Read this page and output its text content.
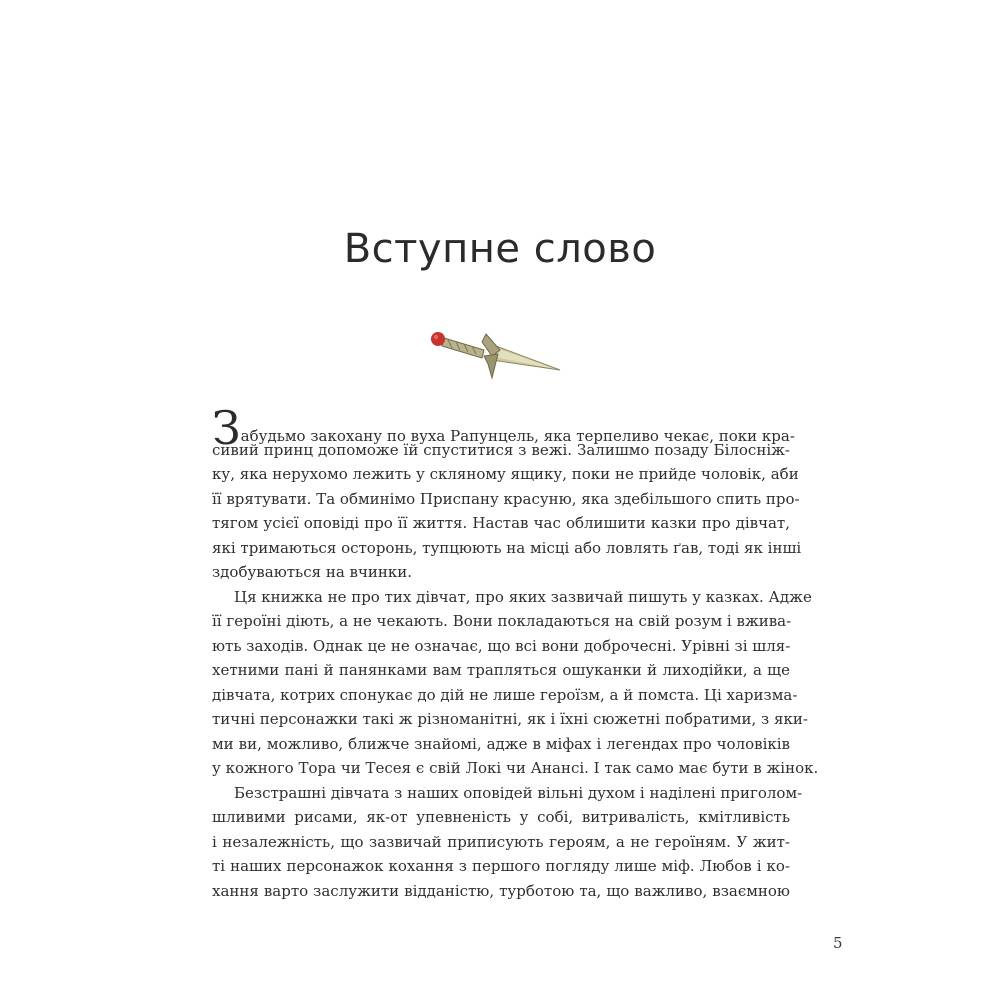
Вступне слово
Забудьмо закохану по вуха Рапунцель, яка терпеливо чекає, поки кра-
сивий принц допоможе їй спуститися з вежі. Залишмо позаду Білосніж-
ку, яка нерухомо лежить у скляному ящику, поки не прийде чоловік, аби
її врятувати. Та обминімо Приспану красуню, яка здебільшого спить про-
тягом усієї оповіді про її життя. Настав час облишити казки про дівчат,
які тримаються осторонь, тупцюють на місці або ловлять ґав, тоді як інші
здобуваються на вчинки.
Ця книжка не про тих дівчат, про яких зазвичай пишуть у казках. Адже
її героїні діють, а не чекають. Вони покладаються на свій розум і вжива-
ють заходів. Однак це не означає, що всі вони доброчесні. Урівні зі шля-
хетними пані й панянками вам трапляться ошуканки й лиходійки, а ще
дівчата, котрих спонукає до дій не лише героїзм, а й помста. Ці харизма-
тичні персонажки такі ж різноманітні, як і їхні сюжетні побратими, з яки-
ми ви, можливо, ближче знайомі, адже в міфах і легендах про чоловіків
у кожного Тора чи Тесея є свій Локі чи Анансі. І так само має бути в жінок.
Безстрашні дівчата з наших оповідей вільні духом і наділені приголом-
шливими рисами, як-от упевненість у собі, витривалість, кмітливість
і незалежність, що зазвичай приписують героям, а не героїням. У жит-
ті наших персонажок кохання з першого погляду лише міф. Любов і ко-
хання варто заслужити відданістю, турботою та, що важливо, взаємною
5
